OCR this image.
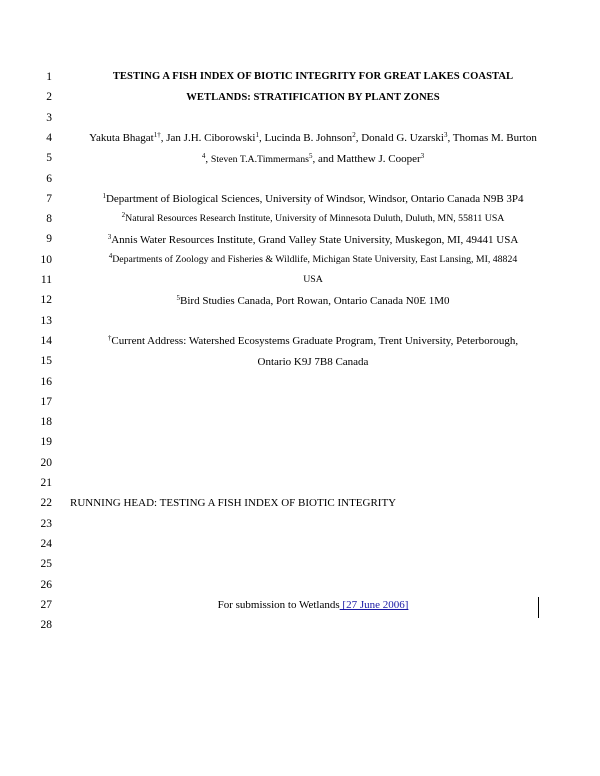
1
2
3
4
5
6
7
8
9
10
11
12
13
14
15
16
17
18
19
20
21
22
23
24
25
26
27
28
TESTING A FISH INDEX OF BIOTIC INTEGRITY FOR GREAT LAKES COASTAL
WETLANDS: STRATIFICATION BY PLANT ZONES
Yakuta Bhagat$^{1\dagger}$, Jan J.H. Ciborowski$^1$, Lucinda B. Johnson$^2$, Donald G. Uzarski$^3$, Thomas M. Burton
$^4$, Steven T.A.Timmermans$^5$, and Matthew J. Cooper$^3$
$^1$Department of Biological Sciences, University of Windsor, Windsor, Ontario Canada N9B 3P4
$^2$Natural Resources Research Institute, University of Minnesota Duluth, Duluth, MN, 55811 USA
$^3$Annis Water Resources Institute, Grand Valley State University, Muskegon, MI, 49441 USA
$^4$Departments of Zoology and Fisheries & Wildlife, Michigan State University, East Lansing, MI, 48824
USA
$^5$Bird Studies Canada, Port Rowan, Ontario Canada N0E 1M0
†Current Address: Watershed Ecosystems Graduate Program, Trent University, Peterborough,
Ontario K9J 7B8 Canada
RUNNING HEAD: TESTING A FISH INDEX OF BIOTIC INTEGRITY
For submission to Wetlands [27 June 2006]
